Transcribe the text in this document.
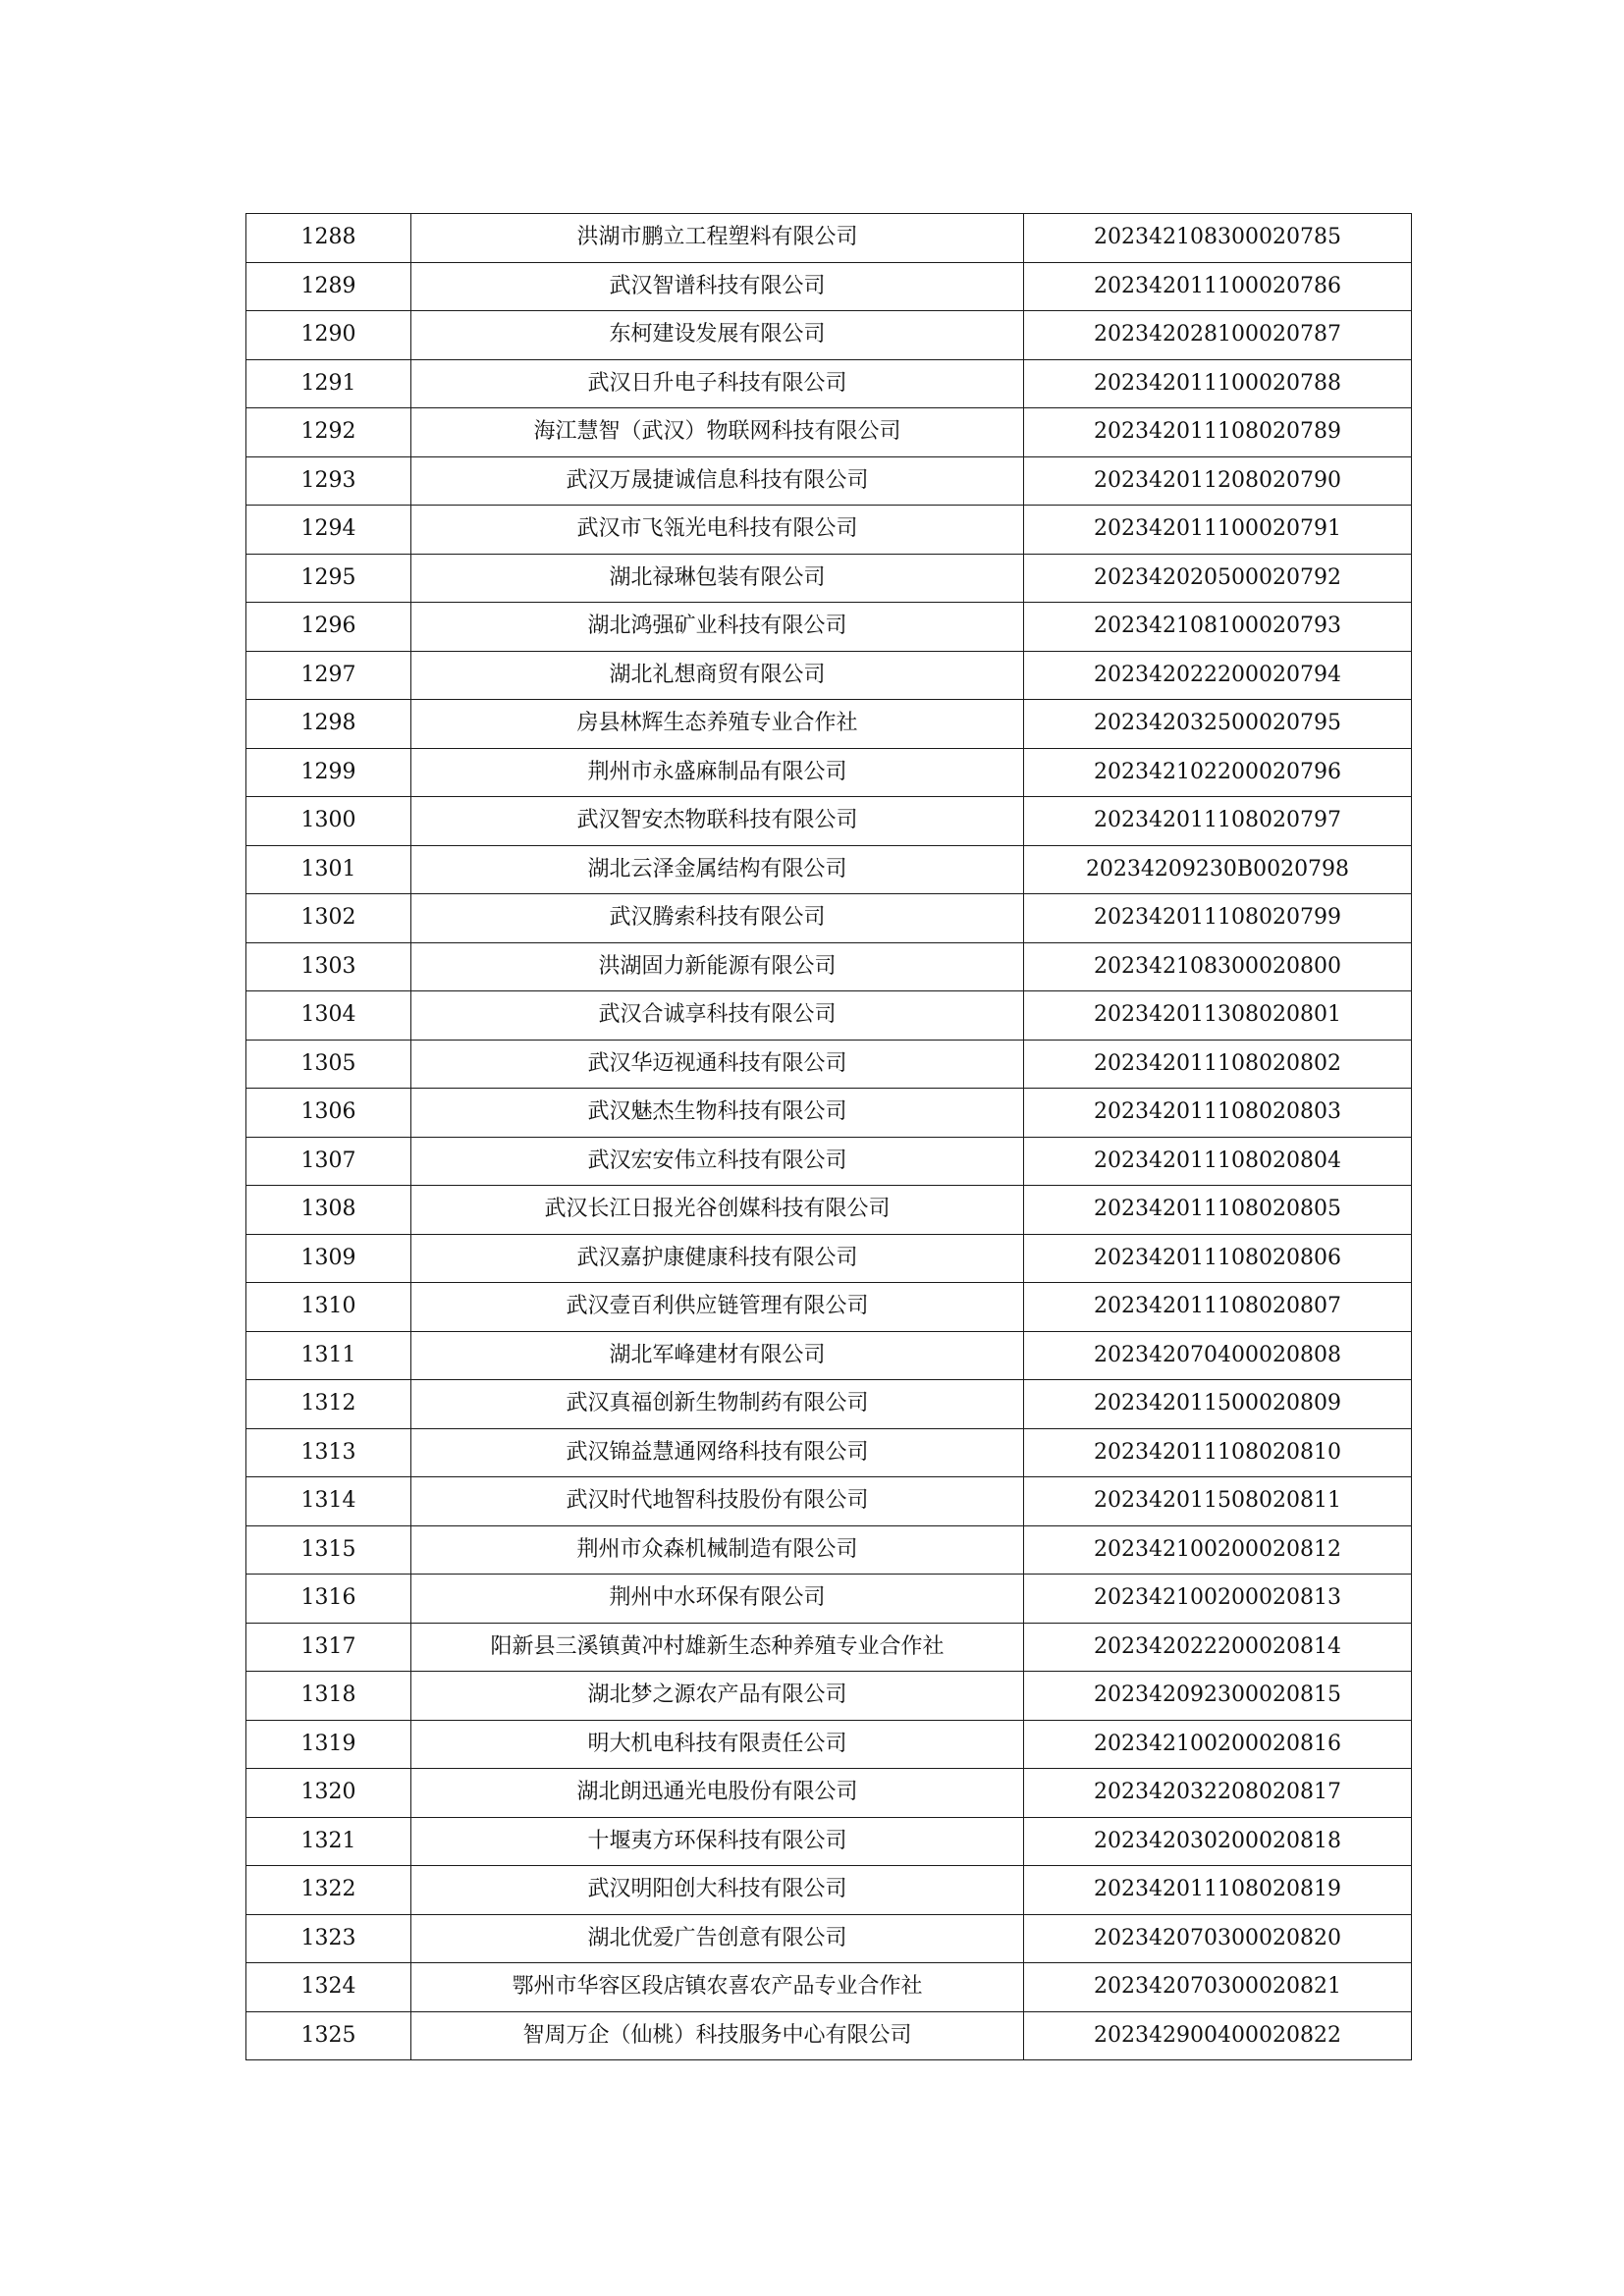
1288	洪湖市鹏立工程塑料有限公司	202342108300020785
1289	武汉智谱科技有限公司	202342011100020786
1290	东柯建设发展有限公司	202342028100020787
1291	武汉日升电子科技有限公司	202342011100020788
1292	海江慧智（武汉）物联网科技有限公司	202342011108020789
1293	武汉万晟捷诚信息科技有限公司	202342011208020790
1294	武汉市飞瓴光电科技有限公司	202342011100020791
1295	湖北禄琳包装有限公司	202342020500020792
1296	湖北鸿强矿业科技有限公司	202342108100020793
1297	湖北礼想商贸有限公司	202342022200020794
1298	房县林辉生态养殖专业合作社	202342032500020795
1299	荆州市永盛麻制品有限公司	202342102200020796
1300	武汉智安杰物联科技有限公司	202342011108020797
1301	湖北云泽金属结构有限公司	20234209230B0020798
1302	武汉腾索科技有限公司	202342011108020799
1303	洪湖固力新能源有限公司	202342108300020800
1304	武汉合诚享科技有限公司	202342011308020801
1305	武汉华迈视通科技有限公司	202342011108020802
1306	武汉魅杰生物科技有限公司	202342011108020803
1307	武汉宏安伟立科技有限公司	202342011108020804
1308	武汉长江日报光谷创媒科技有限公司	202342011108020805
1309	武汉嘉护康健康科技有限公司	202342011108020806
1310	武汉壹百利供应链管理有限公司	202342011108020807
1311	湖北军峰建材有限公司	202342070400020808
1312	武汉真福创新生物制药有限公司	202342011500020809
1313	武汉锦益慧通网络科技有限公司	202342011108020810
1314	武汉时代地智科技股份有限公司	202342011508020811
1315	荆州市众森机械制造有限公司	202342100200020812
1316	荆州中水环保有限公司	202342100200020813
1317	阳新县三溪镇黄冲村雄新生态种养殖专业合作社	202342022200020814
1318	湖北梦之源农产品有限公司	202342092300020815
1319	明大机电科技有限责任公司	202342100200020816
1320	湖北朗迅通光电股份有限公司	202342032208020817
1321	十堰夷方环保科技有限公司	202342030200020818
1322	武汉明阳创大科技有限公司	202342011108020819
1323	湖北优爱广告创意有限公司	202342070300020820
1324	鄂州市华容区段店镇农喜农产品专业合作社	202342070300020821
1325	智周万企（仙桃）科技服务中心有限公司	202342900400020822
